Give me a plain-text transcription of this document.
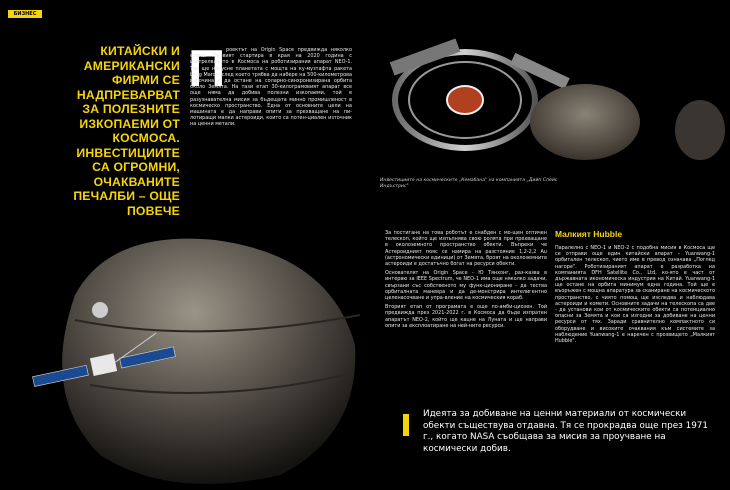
БИЗНЕС
КИТАЙСКИ И АМЕРИКАНСКИ ФИРМИ СЕ НАДПРЕВАРВАТ ЗА ПОЛЕЗНИТЕ ИЗКОПАЕМИ ОТ КОСМОСА. ИНВЕСТИЦИИТЕ СА ОГРОМНИ, ОЧАКВАНИТЕ ПЕЧАЛБИ – ОЩЕ ПОВЕЧЕ
П роектът на Origin Space предвижда няколко етапа. Първият стартира в края на 2020 година с изстрелването в Космоса на роботизирания апарат NEO-1. Той ще напусне планетата с мощта на ку-музтафта ракета Long March, след което трябва да набере на 500-километрова височина и да остане на соларно-синхронизирана орбита около Земята. На тази етап 30-килограмовият апарат все още няма да добива полезни изкопаеми, той е разузнавателна мисия за бъдещата минно промишленост в космическо пространство. Една от основните цели на машината е да направи опити за прехващане на пи-лотиращи малки астероиди, които са потен-циален източник на ценни метали.
Инвестициите на космическите „Кемабана" на компанията „Дийп Спейс Индъстрис"

За постигане на това роботът е снабден с мо-щен оптичен телескоп, който ще изпълнява свою ролята при прехващане в околоземното пространство обекти. Въпреки че Астероидният пояс се намира на разстояние 1,2-2,2 Au (астрономически единици) от Земята, броят на околоземните астероиди е достатъчно богат на ресурси обекти.

Основателят на Origin Space - Ю Тянхонг, раз-казва в интервю за IEEE Spectrum, че NEO-1 има още няколко задачи, свързани със собственото му функ-циониране - да тества орбиталната маневра и да де-монстрира интелигентно целенасочване и упра-вление на космическия кораб.

Вторият етап от програмата е още по-амби-циозен. Той предвижда през 2021-2022 г. в Космоса да бъде изпратен апаратът NEO-2, който ще кацне на Луната и ще направи опити за експлоатиране на ней-ните ресурси.

Малкият Hubble

Паралелно с NEO-1 и NEO-2 с подобна мисия в Космоса ще се отправи още един китайски апарат – Yuanwang-1 орбитален телескоп, чието име в превод означава „Поглед нагоре". Роботизираният апарат е разработка на компанията DFH Satellite Co., Ltd, ко-ято е част от държавната икономическа индустрия на Китай. Yuanwang-1 ще остане на орбита минимум една година. Той ще е въоръжен с мощна апаратура за сканиране на космическото пространство, с чиято помощ ще изследва и наблюдава астероиди и комети. Основните задачи на телескопа са две - да установи кои от космическите обекти са потенциално опасни за Земята и кои са изгодни за добиване на ценни ресурси от тях. Заради сравнително компактното си оборудване и високите очаквания към системите за наблюдение Yuanwang-1 е наречен с прозвището „Малкият Hubble".

Идеята за добиване на ценни материали от космически обекти съществува отдавна. Тя се прокрадва още през 1971 г., когато NASA съобщава за мисия за проучване на космически добив.
